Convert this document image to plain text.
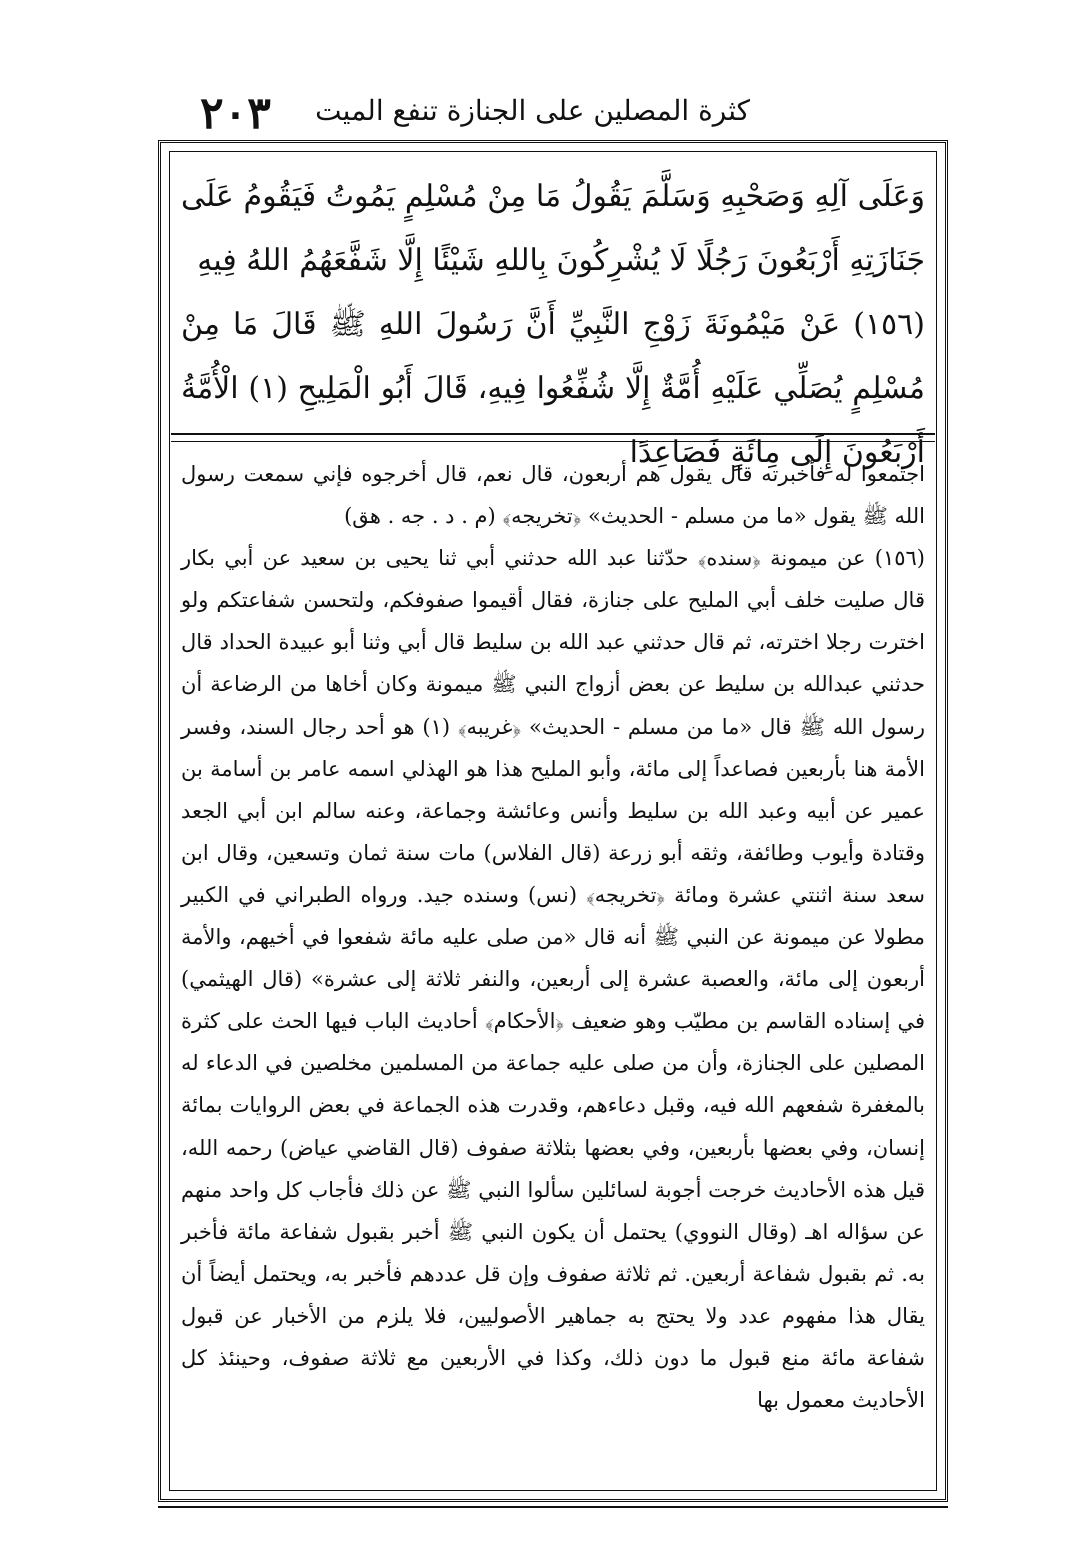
٢٠٣ كثرة المصلين على الجنازة تنفع الميت

وَعَلَى آلِهِ وَصَحْبِهِ وَسَلَّمَ يَقُولُ مَا مِنْ مُسْلِمٍ يَمُوتُ فَيَقُومُ عَلَى جَنَازَتِهِ أَرْبَعُونَ رَجُلًا لَا يُشْرِكُونَ بِاللهِ شَيْئًا إِلَّا شَفَّعَهُمُ اللهُ فِيهِ

(١٥٦) عَنْ مَيْمُونَةَ زَوْجِ النَّبِيِّ أَنَّ رَسُولَ اللهِ ﷺ قَالَ مَا مِنْ مُسْلِمٍ يُصَلِّي عَلَيْهِ أُمَّةٌ إِلَّا شُفِّعُوا فِيهِ، قَالَ أَبُو الْمَلِيحِ (١) الْأُمَّةُ أَرْبَعُونَ إِلَى مِائَةٍ فَصَاعِدًا

اجتمعوا له فأخبرته قال يقول هم أربعون، قال نعم، قال أخرجوه فإني سمعت رسول الله ﷺ يقول «ما من مسلم - الحديث» ﴿تخريجه﴾ (م . د . جه . هق)

(١٥٦) عن ميمونة ﴿سنده﴾ حدّثنا عبد الله حدثني أبي ثنا يحيى بن سعيد عن أبي بكار قال صليت خلف أبي المليح على جنازة، فقال أقيموا صفوفكم، ولتحسن شفاعتكم ولو اخترت رجلا اخترته، ثم قال حدثني عبد الله بن سليط قال أبي وثنا أبو عبيدة الحداد قال حدثني عبدالله بن سليط عن بعض أزواج النبي ﷺ ميمونة وكان أخاها من الرضاعة أن رسول الله ﷺ قال «ما من مسلم - الحديث» ﴿غريبه﴾ (١) هو أحد رجال السند، وفسر الأمة هنا بأربعين فصاعداً إلى مائة، وأبو المليح هذا هو الهذلي اسمه عامر بن أسامة بن عمير عن أبيه وعبد الله بن سليط وأنس وعائشة وجماعة، وعنه سالم ابن أبي الجعد وقتادة وأيوب وطائفة، وثقه أبو زرعة (قال الفلاس) مات سنة ثمان وتسعين، وقال ابن سعد سنة اثنتي عشرة ومائة ﴿تخريجه﴾ (نس) وسنده جيد. ورواه الطبراني في الكبير مطولا عن ميمونة عن النبي ﷺ أنه قال «من صلى عليه مائة شفعوا في أخيهم، والأمة أربعون إلى مائة، والعصبة عشرة إلى أربعين، والنفر ثلاثة إلى عشرة» (قال الهيثمي) في إسناده القاسم بن مطيّب وهو ضعيف ﴿الأحكام﴾ أحاديث الباب فيها الحث على كثرة المصلين على الجنازة، وأن من صلى عليه جماعة من المسلمين مخلصين في الدعاء له بالمغفرة شفعهم الله فيه، وقبل دعاءهم، وقدرت هذه الجماعة في بعض الروايات بمائة إنسان، وفي بعضها بأربعين، وفي بعضها بثلاثة صفوف (قال القاضي عياض) رحمه الله، قيل هذه الأحاديث خرجت أجوبة لسائلين سألوا النبي ﷺ عن ذلك فأجاب كل واحد منهم عن سؤاله اهـ (وقال النووي) يحتمل أن يكون النبي ﷺ أخبر بقبول شفاعة مائة فأخبر به. ثم بقبول شفاعة أربعين. ثم ثلاثة صفوف وإن قل عددهم فأخبر به، ويحتمل أيضاً أن يقال هذا مفهوم عدد ولا يحتج به جماهير الأصوليين، فلا يلزم من الأخبار عن قبول شفاعة مائة منع قبول ما دون ذلك، وكذا في الأربعين مع ثلاثة صفوف، وحينئذ كل الأحاديث معمول بها
